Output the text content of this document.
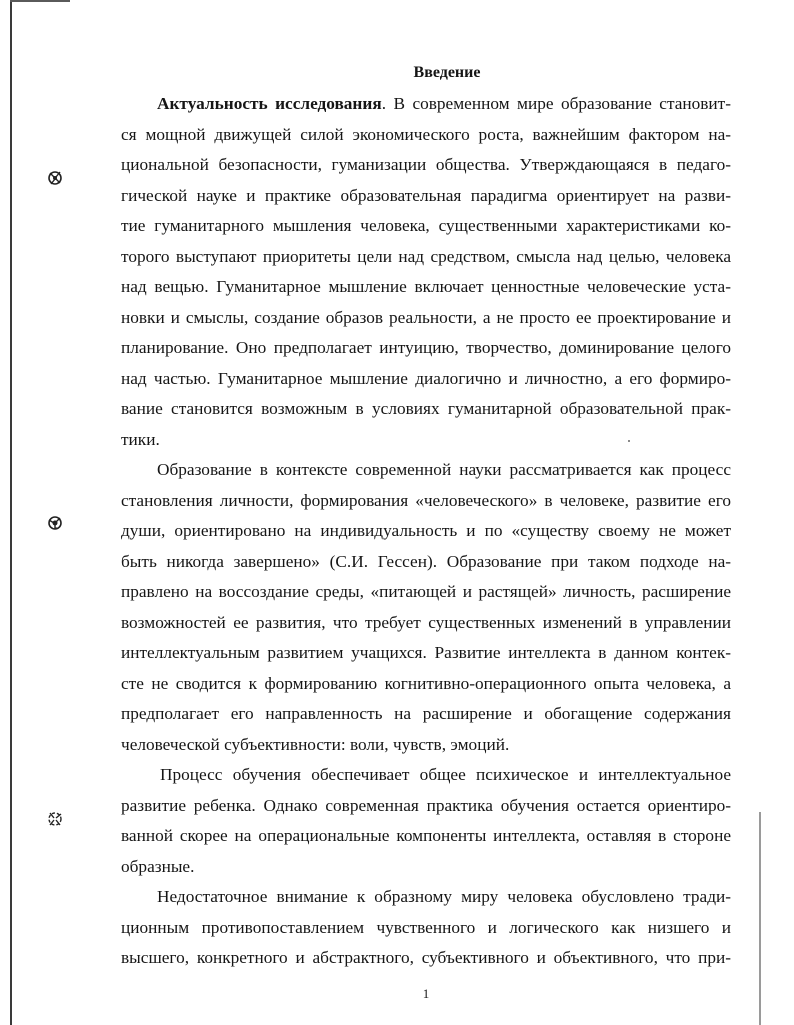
Введение
Актуальность исследования. В современном мире образование становит-
ся мощной движущей силой экономического роста, важнейшим фактором на-
циональной безопасности, гуманизации общества. Утверждающаяся в педаго-
гической науке и практике образовательная парадигма ориентирует на разви-
тие гуманитарного мышления человека, существенными характеристиками ко-
торого выступают приоритеты цели над средством, смысла над целью, человека
над вещью. Гуманитарное мышление включает ценностные человеческие уста-
новки и смыслы, создание образов реальности, а не просто ее проектирование и
планирование. Оно предполагает интуицию, творчество, доминирование целого
над частью. Гуманитарное мышление диалогично и личностно, а его формиро-
вание становится возможным в условиях гуманитарной образовательной прак-
тики.
Образование в контексте современной науки рассматривается как процесс
становления личности, формирования «человеческого» в человеке, развитие его
души, ориентировано на индивидуальность и по «существу своему не может
быть никогда завершено» (С.И. Гессен). Образование при таком подходе на-
правлено на воссоздание среды, «питающей и растящей» личность, расширение
возможностей ее развития, что требует существенных изменений в управлении
интеллектуальным развитием учащихся. Развитие интеллекта в данном контек-
сте не сводится к формированию когнитивно-операционного опыта человека, а
предполагает его направленность на расширение и обогащение содержания
человеческой субъективности: воли, чувств, эмоций.
Процесс обучения обеспечивает общее психическое и интеллектуальное
развитие ребенка. Однако современная практика обучения остается ориентиро-
ванной скорее на операциональные компоненты интеллекта, оставляя в стороне
образные.
Недостаточное внимание к образному миру человека обусловлено тради-
ционным противопоставлением чувственного и логического как низшего и
высшего, конкретного и абстрактного, субъективного и объективного, что при-
1
